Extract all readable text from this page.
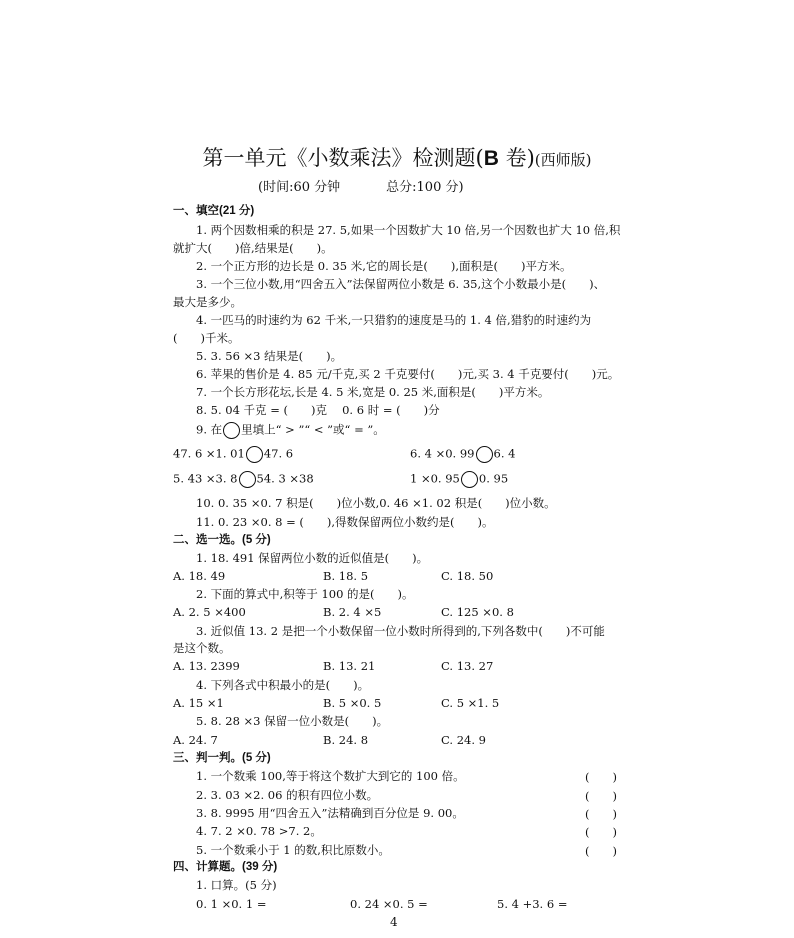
第一单元《小数乘法》检测题(B 卷)(西师版)
(时间:60 分钟	总分:100 分)
一、填空(21 分)
1. 两个因数相乘的积是 27. 5,如果一个因数扩大 10 倍,另一个因数也扩大 10 倍,积
就扩大(　　)倍,结果是(　　)。
2. 一个正方形的边长是 0. 35 米,它的周长是(　　),面积是(　　)平方米。
3. 一个三位小数,用“四舍五入”法保留两位小数是 6. 35,这个小数最小是(　　)、
最大是多少。
4. 一匹马的时速约为 62 千米,一只猎豹的速度是马的 1. 4 倍,猎豹的时速约为
(　　)千米。
5. 3. 56 ×3 结果是(　　)。
6. 苹果的售价是 4. 85 元/千克,买 2 千克要付(　　)元,买 3. 4 千克要付(　　)元。
7. 一个长方形花坛,长是 4. 5 米,宽是 0. 25 米,面积是(　　)平方米。
8. 5. 04 千克 = (　　)克　 0. 6 时 = (　　)分
9. 在 里填上“ > ”“ < ”或“ = ”。
47. 6 ×1. 01 47. 6	6. 4 ×0. 99 6. 4
5. 43 ×3. 8 54. 3 ×38	1 ×0. 95 0. 95
10. 0. 35 ×0. 7 积是(　　)位小数,0. 46 ×1. 02 积是(　　)位小数。
11. 0. 23 ×0. 8 = (　　),得数保留两位小数约是(　　)。
二、选一选。(5 分)
1. 18. 491 保留两位小数的近似值是(　　)。
A. 18. 49	B. 18. 5	C. 18. 50
2. 下面的算式中,积等于 100 的是(　　)。
A. 2. 5 ×400	B. 2. 4 ×5	C. 125 ×0. 8
3. 近似值 13. 2 是把一个小数保留一位小数时所得到的,下列各数中(　　)不可能
是这个数。
A. 13. 2399	B. 13. 21	C. 13. 27
4. 下列各式中积最小的是(　　)。
A. 15 ×1	B. 5 ×0. 5	C. 5 ×1. 5
5. 8. 28 ×3 保留一位小数是(　　)。
A. 24. 7	B. 24. 8	C. 24. 9
三、判一判。(5 分)
1. 一个数乘 100,等于将这个数扩大到它的 100 倍。	(　　)
2. 3. 03 ×2. 06 的积有四位小数。	(　　)
3. 8. 9995 用“四舍五入”法精确到百分位是 9. 00。	(　　)
4. 7. 2 ×0. 78 >7. 2。	(　　)
5. 一个数乘小于 1 的数,积比原数小。	(　　)
四、计算题。(39 分)
1. 口算。(5 分)
0. 1 ×0. 1 =	0. 24 ×0. 5 =	5. 4 +3. 6 =
4
